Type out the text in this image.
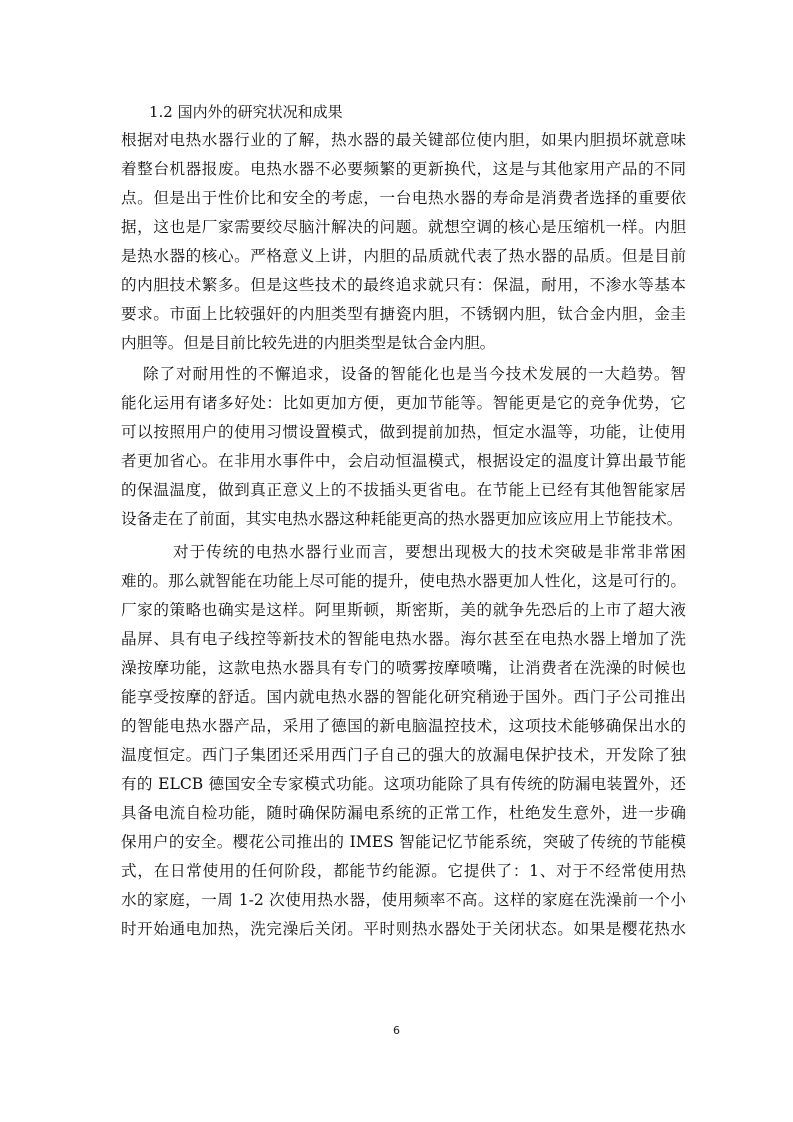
1.2 国内外的研究状况和成果
根据对电热水器行业的了解，热水器的最关键部位使内胆，如果内胆损坏就意味
着整台机器报废。电热水器不必要频繁的更新换代，这是与其他家用产品的不同
点。但是出于性价比和安全的考虑，一台电热水器的寿命是消费者选择的重要依
据，这也是厂家需要绞尽脑汁解决的问题。就想空调的核心是压缩机一样。内胆
是热水器的核心。严格意义上讲，内胆的品质就代表了热水器的品质。但是目前
的内胆技术繁多。但是这些技术的最终追求就只有：保温，耐用，不渗水等基本
要求。市面上比较强奸的内胆类型有搪瓷内胆，不锈钢内胆，钛合金内胆，金圭
内胆等。但是目前比较先进的内胆类型是钛合金内胆。
除了对耐用性的不懈追求，设备的智能化也是当今技术发展的一大趋势。智
能化运用有诸多好处：比如更加方便，更加节能等。智能更是它的竞争优势，它
可以按照用户的使用习惯设置模式，做到提前加热，恒定水温等，功能，让使用
者更加省心。在非用水事件中，会启动恒温模式，根据设定的温度计算出最节能
的保温温度，做到真正意义上的不拔插头更省电。在节能上已经有其他智能家居
设备走在了前面，其实电热水器这种耗能更高的热水器更加应该应用上节能技术。
对于传统的电热水器行业而言，要想出现极大的技术突破是非常非常困
难的。那么就智能在功能上尽可能的提升，使电热水器更加人性化，这是可行的。
厂家的策略也确实是这样。阿里斯顿，斯密斯，美的就争先恐后的上市了超大液
晶屏、具有电子线控等新技术的智能电热水器。海尔甚至在电热水器上增加了洗
澡按摩功能，这款电热水器具有专门的喷雾按摩喷嘴，让消费者在洗澡的时候也
能享受按摩的舒适。国内就电热水器的智能化研究稍逊于国外。西门子公司推出
的智能电热水器产品，采用了德国的新电脑温控技术，这项技术能够确保出水的
温度恒定。西门子集团还采用西门子自己的强大的放漏电保护技术，开发除了独
有的 ELCB 德国安全专家模式功能。这项功能除了具有传统的防漏电装置外，还
具备电流自检功能，随时确保防漏电系统的正常工作，杜绝发生意外，进一步确
保用户的安全。樱花公司推出的 IMES 智能记忆节能系统，突破了传统的节能模
式，在日常使用的任何阶段，都能节约能源。它提供了：1、对于不经常使用热
水的家庭，一周 1-2 次使用热水器，使用频率不高。这样的家庭在洗澡前一个小
时开始通电加热，洗完澡后关闭。平时则热水器处于关闭状态。如果是樱花热水
6
